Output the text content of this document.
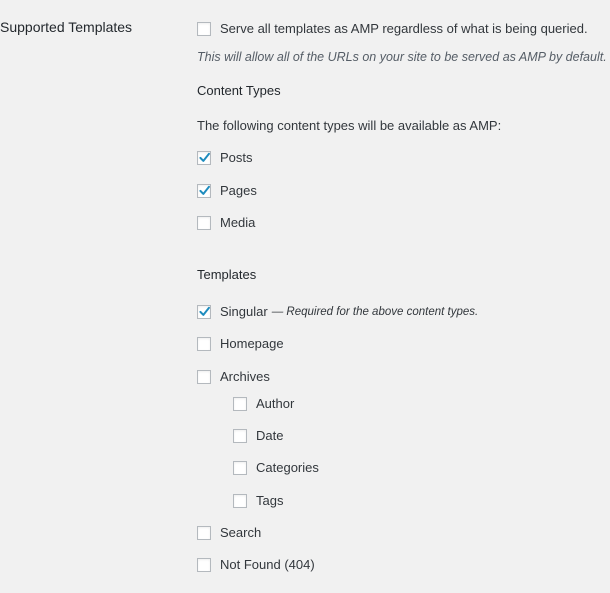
Supported Templates	Serve all templates as AMP regardless of what is being queried.
This will allow all of the URLs on your site to be served as AMP by default.
Content Types
The following content types will be available as AMP:
Posts
Pages
Media
Templates
Singular — Required for the above content types.
Homepage
Archives
Author
Date
Categories
Tags
Search
Not Found (404)
